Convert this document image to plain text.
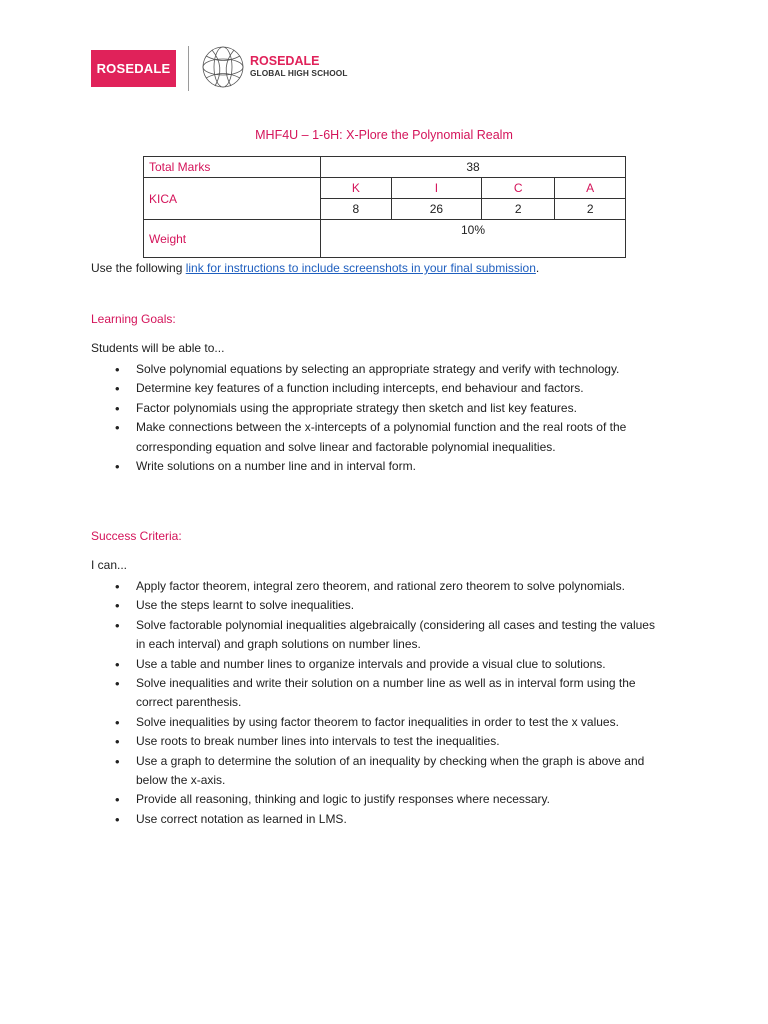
ROSEDALE	ROSEDALE
GLOBAL HIGH SCHOOL
MHF4U – 1-6H: X-Plore the Polynomial Realm
Total Marks	38			
KICA	K	I	C	A
	8	26	2	2
Weight	10%			
Use the following link for instructions to include screenshots in your final submission.
Learning Goals:
Students will be able to...
• Solve polynomial equations by selecting an appropriate strategy and verify with technology.
• Determine key features of a function including intercepts, end behaviour and factors.
• Factor polynomials using the appropriate strategy then sketch and list key features.
• Make connections between the x-intercepts of a polynomial function and the real roots of the
corresponding equation and solve linear and factorable polynomial inequalities.
• Write solutions on a number line and in interval form.
Success Criteria:
I can...
• Apply factor theorem, integral zero theorem, and rational zero theorem to solve polynomials.
• Use the steps learnt to solve inequalities.
• Solve factorable polynomial inequalities algebraically (considering all cases and testing the values
in each interval) and graph solutions on number lines.
• Use a table and number lines to organize intervals and provide a visual clue to solutions.
• Solve inequalities and write their solution on a number line as well as in interval form using the
correct parenthesis.
• Solve inequalities by using factor theorem to factor inequalities in order to test the x values.
• Use roots to break number lines into intervals to test the inequalities.
• Use a graph to determine the solution of an inequality by checking when the graph is above and
below the x-axis.
• Provide all reasoning, thinking and logic to justify responses where necessary.
• Use correct notation as learned in LMS.
